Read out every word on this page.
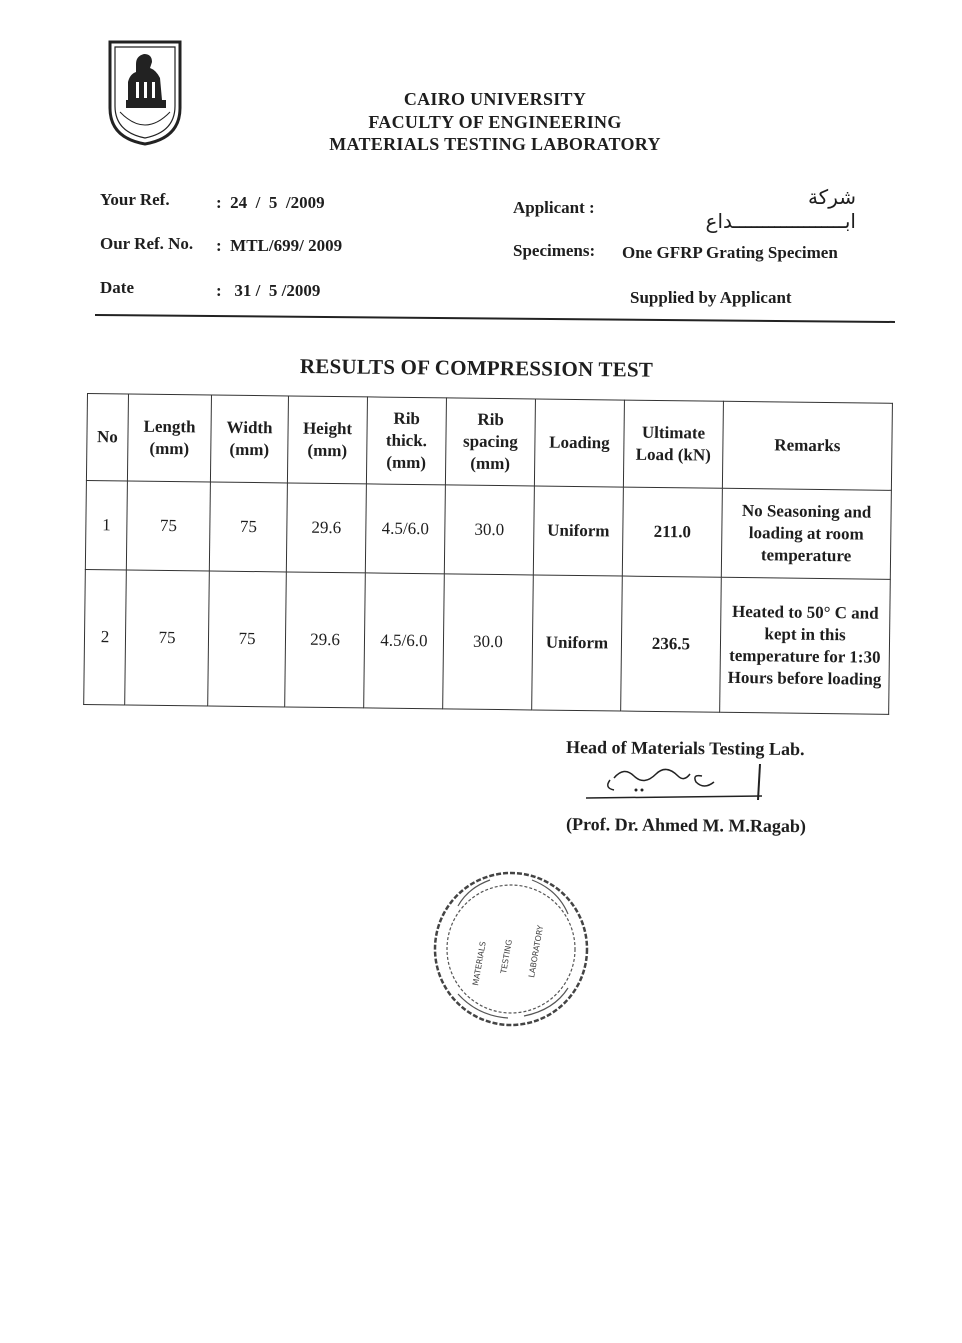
CAIRO UNIVERSITY
FACULTY OF ENGINEERING
MATERIALS TESTING LABORATORY
Your Ref.	:  24  /  5  /2009
Our Ref. No. :  MTL/699/ 2009
Date	:   31 /  5 /2009
Applicant :	شركة ابـــــــــــــــــــداع
Specimens: One GFRP Grating Specimen
Supplied by Applicant
RESULTS OF COMPRESSION TEST
No	Length (mm)	Width (mm)	Height (mm)	Rib thick. (mm)	Rib spacing (mm)	Loading	Ultimate Load (kN)	Remarks
1	75	75	29.6	4.5/6.0	30.0	Uniform	211.0	No Seasoning and loading at room temperature
2	75	75	29.6	4.5/6.0	30.0	Uniform	236.5	Heated to 50° C and kept in this temperature for 1:30 Hours before loading
Head of Materials Testing Lab.
(Prof. Dr. Ahmed M. M.Ragab)
MATERIALS TESTING LABORATORY
